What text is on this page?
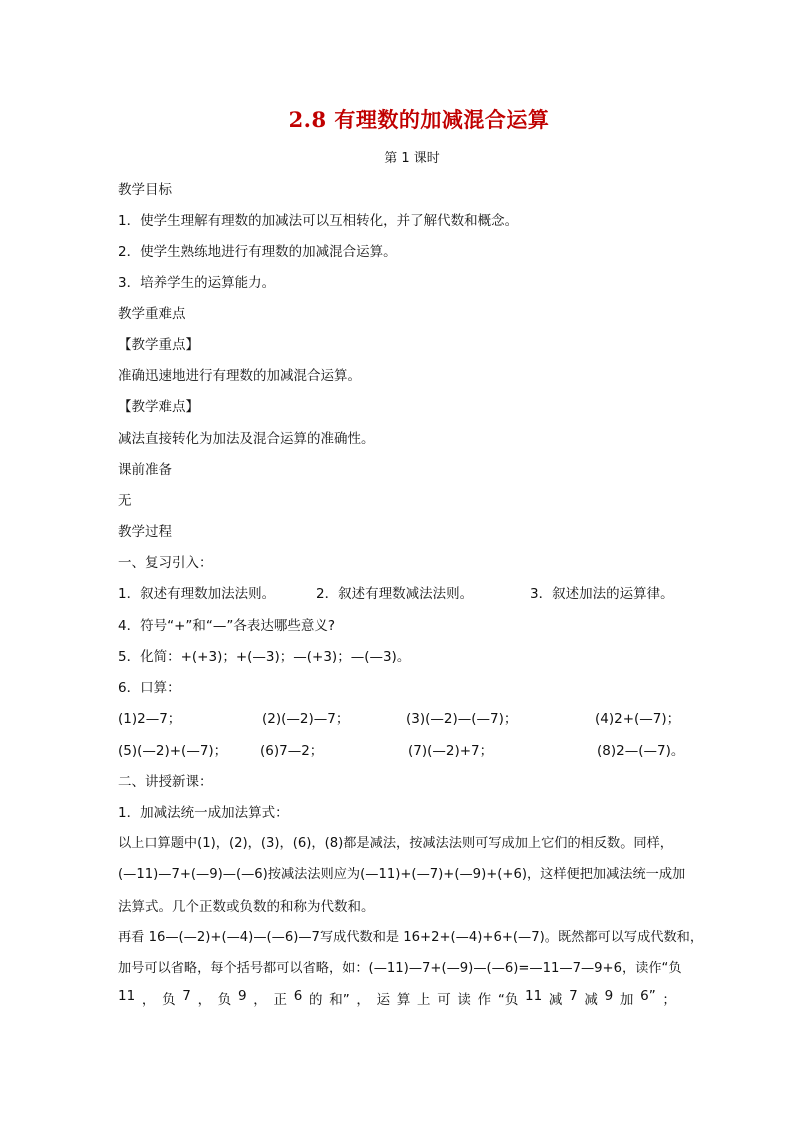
2.8 有理数的加减混合运算
第 1 课时
教学目标
1．使学生理解有理数的加减法可以互相转化，并了解代数和概念。
2．使学生熟练地进行有理数的加减混合运算。
3．培养学生的运算能力。
教学重难点
【教学重点】
准确迅速地进行有理数的加减混合运算。
【教学难点】
减法直接转化为加法及混合运算的准确性。
课前准备
无
教学过程
一、复习引入：
1．叙述有理数加法法则。	2．叙述有理数减法法则。	3．叙述加法的运算律。
4．符号“+”和“—”各表达哪些意义?
5．化简：+(+3)；+(—3)；—(+3)；—(—3)。
6．口算：
(1)2—7；	(2)(—2)—7；	(3)(—2)—(—7)；	(4)2+(—7)；
(5)(—2)+(—7)； (6)7—2；	(7)(—2)+7；	(8)2—(—7)。
二、讲授新课：
1．加减法统一成加法算式：
以上口算题中(1)，(2)，(3)，(6)，(8)都是减法，按减法法则可写成加上它们的相反数。同样，
(—11)—7+(—9)—(—6)按减法法则应为(—11)+(—7)+(—9)+(+6)，这样便把加减法统一成加
法算式。几个正数或负数的和称为代数和。
再看 16—(—2)+(—4)—(—6)—7写成代数和是 16+2+(—4)+6+(—7)。既然都可以写成代数和，
加号可以省略，每个括号都可以省略，如：(—11)—7+(—9)—(—6)=—11—7—9+6，读作“负
11 ， 负 7 ， 负 9 ， 正 6 的 和” ， 运 算 上 可 读 作 “负 11 减 7 减 9 加 6” ；
